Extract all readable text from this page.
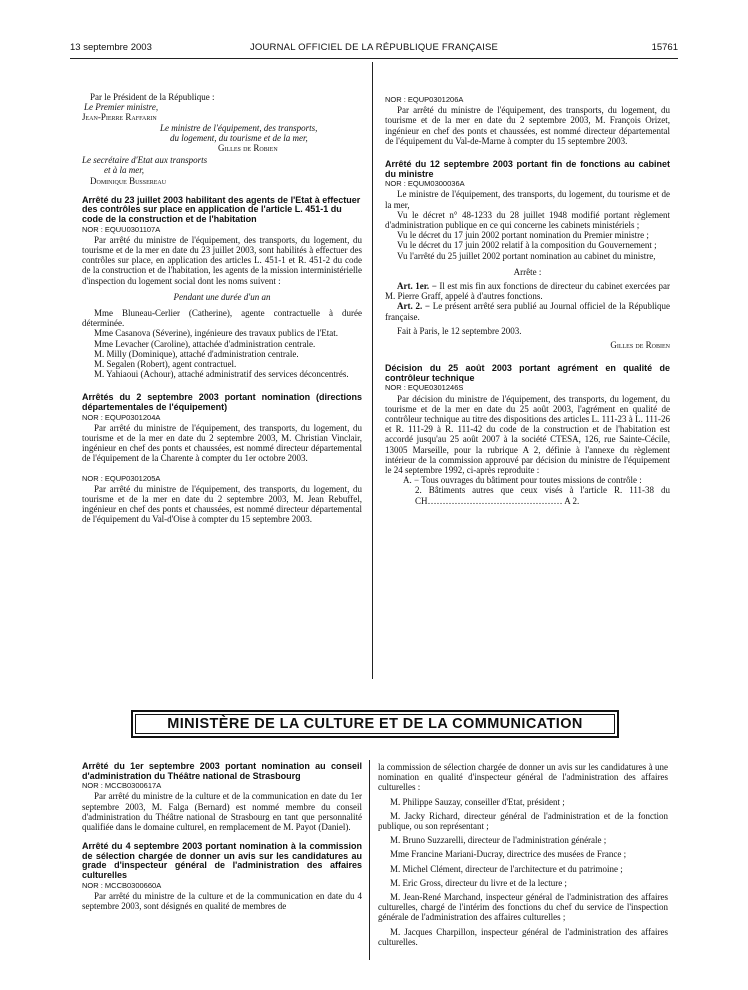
13 septembre 2003	JOURNAL OFFICIEL DE LA RÉPUBLIQUE FRANÇAISE	15761

Par le Président de la République :

Le Premier ministre,

Jean-Pierre Raffarin

Le ministre de l'équipement, des transports,

du logement, du tourisme et de la mer,

Gilles de Robien

Le secrétaire d'Etat aux transports

et à la mer,

Dominique Bussereau

Arrêté du 23 juillet 2003 habilitant des agents de l'Etat à effectuer des contrôles sur place en application de l'article L. 451-1 du code de la construction et de l'habitation

NOR : EQUU0301107A

Par arrêté du ministre de l'équipement, des transports, du logement, du tourisme et de la mer en date du 23 juillet 2003, sont habilités à effectuer des contrôles sur place, en application des articles L. 451-1 et R. 451-2 du code de la construction et de l'habitation, les agents de la mission interministérielle d'inspection du logement social dont les noms suivent :

Pendant une durée d'un an

Mme Bluneau-Cerlier (Catherine), agente contractuelle à durée déterminée.

Mme Casanova (Séverine), ingénieure des travaux publics de l'Etat.

Mme Levacher (Caroline), attachée d'administration centrale.

M. Milly (Dominique), attaché d'administration centrale.

M. Segalen (Robert), agent contractuel.

M. Yahiaoui (Achour), attaché administratif des services déconcentrés.

Arrêtés du 2 septembre 2003 portant nomination (directions départementales de l'équipement)

NOR : EQUP0301204A

Par arrêté du ministre de l'équipement, des transports, du logement, du tourisme et de la mer en date du 2 septembre 2003, M. Christian Vinclair, ingénieur en chef des ponts et chaussées, est nommé directeur départemental de l'équipement de la Charente à compter du 1er octobre 2003.

NOR : EQUP0301205A

Par arrêté du ministre de l'équipement, des transports, du logement, du tourisme et de la mer en date du 2 septembre 2003, M. Jean Rebuffel, ingénieur en chef des ponts et chaussées, est nommé directeur départemental de l'équipement du Val-d'Oise à compter du 15 septembre 2003.

NOR : EQUP0301206A

Par arrêté du ministre de l'équipement, des transports, du logement, du tourisme et de la mer en date du 2 septembre 2003, M. François Orizet, ingénieur en chef des ponts et chaussées, est nommé directeur départemental de l'équipement du Val-de-Marne à compter du 15 septembre 2003.

Arrêté du 12 septembre 2003 portant fin de fonctions au cabinet du ministre

NOR : EQUM0300036A

Le ministre de l'équipement, des transports, du logement, du tourisme et de la mer,

Vu le décret n° 48-1233 du 28 juillet 1948 modifié portant règlement d'administration publique en ce qui concerne les cabinets ministériels ;

Vu le décret du 17 juin 2002 portant nomination du Premier ministre ;

Vu le décret du 17 juin 2002 relatif à la composition du Gouvernement ;

Vu l'arrêté du 25 juillet 2002 portant nomination au cabinet du ministre,

Arrête :

Art. 1er. − Il est mis fin aux fonctions de directeur du cabinet exercées par M. Pierre Graff, appelé à d'autres fonctions.

Art. 2. − Le présent arrêté sera publié au Journal officiel de la République française.

Fait à Paris, le 12 septembre 2003.

Gilles de Robien

Décision du 25 août 2003 portant agrément en qualité de contrôleur technique

NOR : EQUE0301246S

Par décision du ministre de l'équipement, des transports, du logement, du tourisme et de la mer en date du 25 août 2003, l'agrément en qualité de contrôleur technique au titre des dispositions des articles L. 111-23 à L. 111-26 et R. 111-29 à R. 111-42 du code de la construction et de l'habitation est accordé jusqu'au 25 août 2007 à la société CTESA, 126, rue Sainte-Cécile, 13005 Marseille, pour la rubrique A 2, définie à l'annexe du règlement intérieur de la commission approuvé par décision du ministre de l'équipement le 24 septembre 1992, ci-après reproduite :

A. − Tous ouvrages du bâtiment pour toutes missions de contrôle :

2. Bâtiments autres que ceux visés à l'article R. 111-38 du CH……………………………………… A 2.

MINISTÈRE DE LA CULTURE ET DE LA COMMUNICATION

Arrêté du 1er septembre 2003 portant nomination au conseil d'administration du Théâtre national de Strasbourg

NOR : MCCB0300617A

Par arrêté du ministre de la culture et de la communication en date du 1er septembre 2003, M. Falga (Bernard) est nommé membre du conseil d'administration du Théâtre national de Strasbourg en tant que personnalité qualifiée dans le domaine culturel, en remplacement de M. Payot (Daniel).

Arrêté du 4 septembre 2003 portant nomination à la commission de sélection chargée de donner un avis sur les candidatures au grade d'inspecteur général de l'administration des affaires culturelles

NOR : MCCB0300660A

Par arrêté du ministre de la culture et de la communication en date du 4 septembre 2003, sont désignés en qualité de membres de

la commission de sélection chargée de donner un avis sur les candidatures à une nomination en qualité d'inspecteur général de l'administration des affaires culturelles :

M. Philippe Sauzay, conseiller d'Etat, président ;

M. Jacky Richard, directeur général de l'administration et de la fonction publique, ou son représentant ;

M. Bruno Suzzarelli, directeur de l'administration générale ;

Mme Francine Mariani-Ducray, directrice des musées de France ;

M. Michel Clément, directeur de l'architecture et du patrimoine ;

M. Eric Gross, directeur du livre et de la lecture ;

M. Jean-René Marchand, inspecteur général de l'administration des affaires culturelles, chargé de l'intérim des fonctions du chef du service de l'inspection générale de l'administration des affaires culturelles ;

M. Jacques Charpillon, inspecteur général de l'administration des affaires culturelles.
